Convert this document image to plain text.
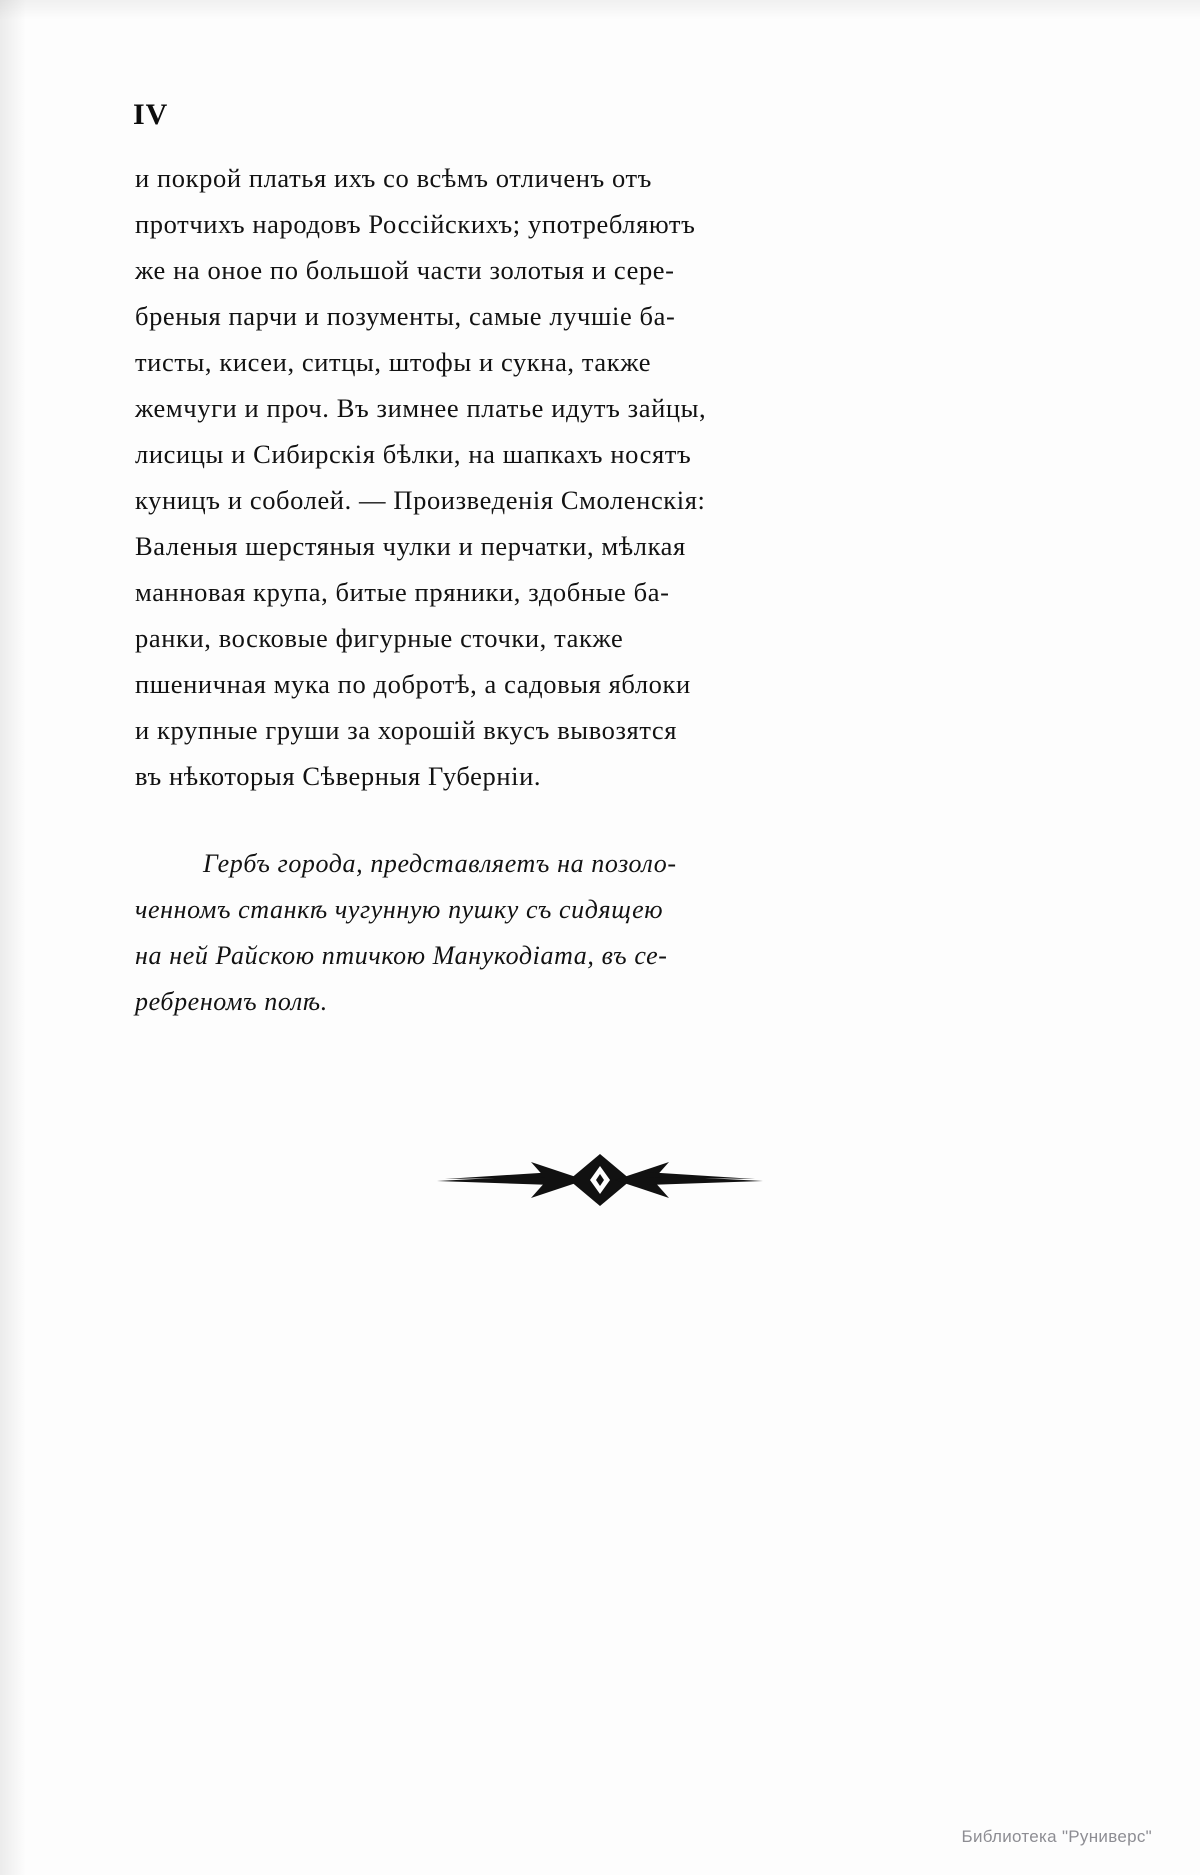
IV
и покрой платья ихъ со всѣмъ отличенъ отъ
протчихъ народовъ Россійскихъ; употребляютъ
же на оное по большой части золотыя и сере-
бреныя парчи и позументы, самые лучшіе ба-
тисты, кисеи, ситцы, штофы и сукна, также
жемчуги и проч. Въ зимнее платье идутъ зайцы,
лисицы и Сибирскія бѣлки, на шапкахъ носятъ
куницъ и соболей. — Произведенія Смоленскія:
Валеныя шерстяныя чулки и перчатки, мѣлкая
манновая крупа, битые пряники, здобные ба-
ранки, восковые фигурные сточки, также
пшеничная мука по добротѣ, а садовыя яблоки
и крупные груши за хорошій вкусъ вывозятся
въ нѣкоторыя Сѣверныя Губерніи.
Гербъ города, представляетъ на позоло-
ченномъ станкѣ чугунную пушку съ сидящею
на ней Райскою птичкою Манукодіата, въ се-
ребреномъ полѣ.
Библиотека "Руниверс"
